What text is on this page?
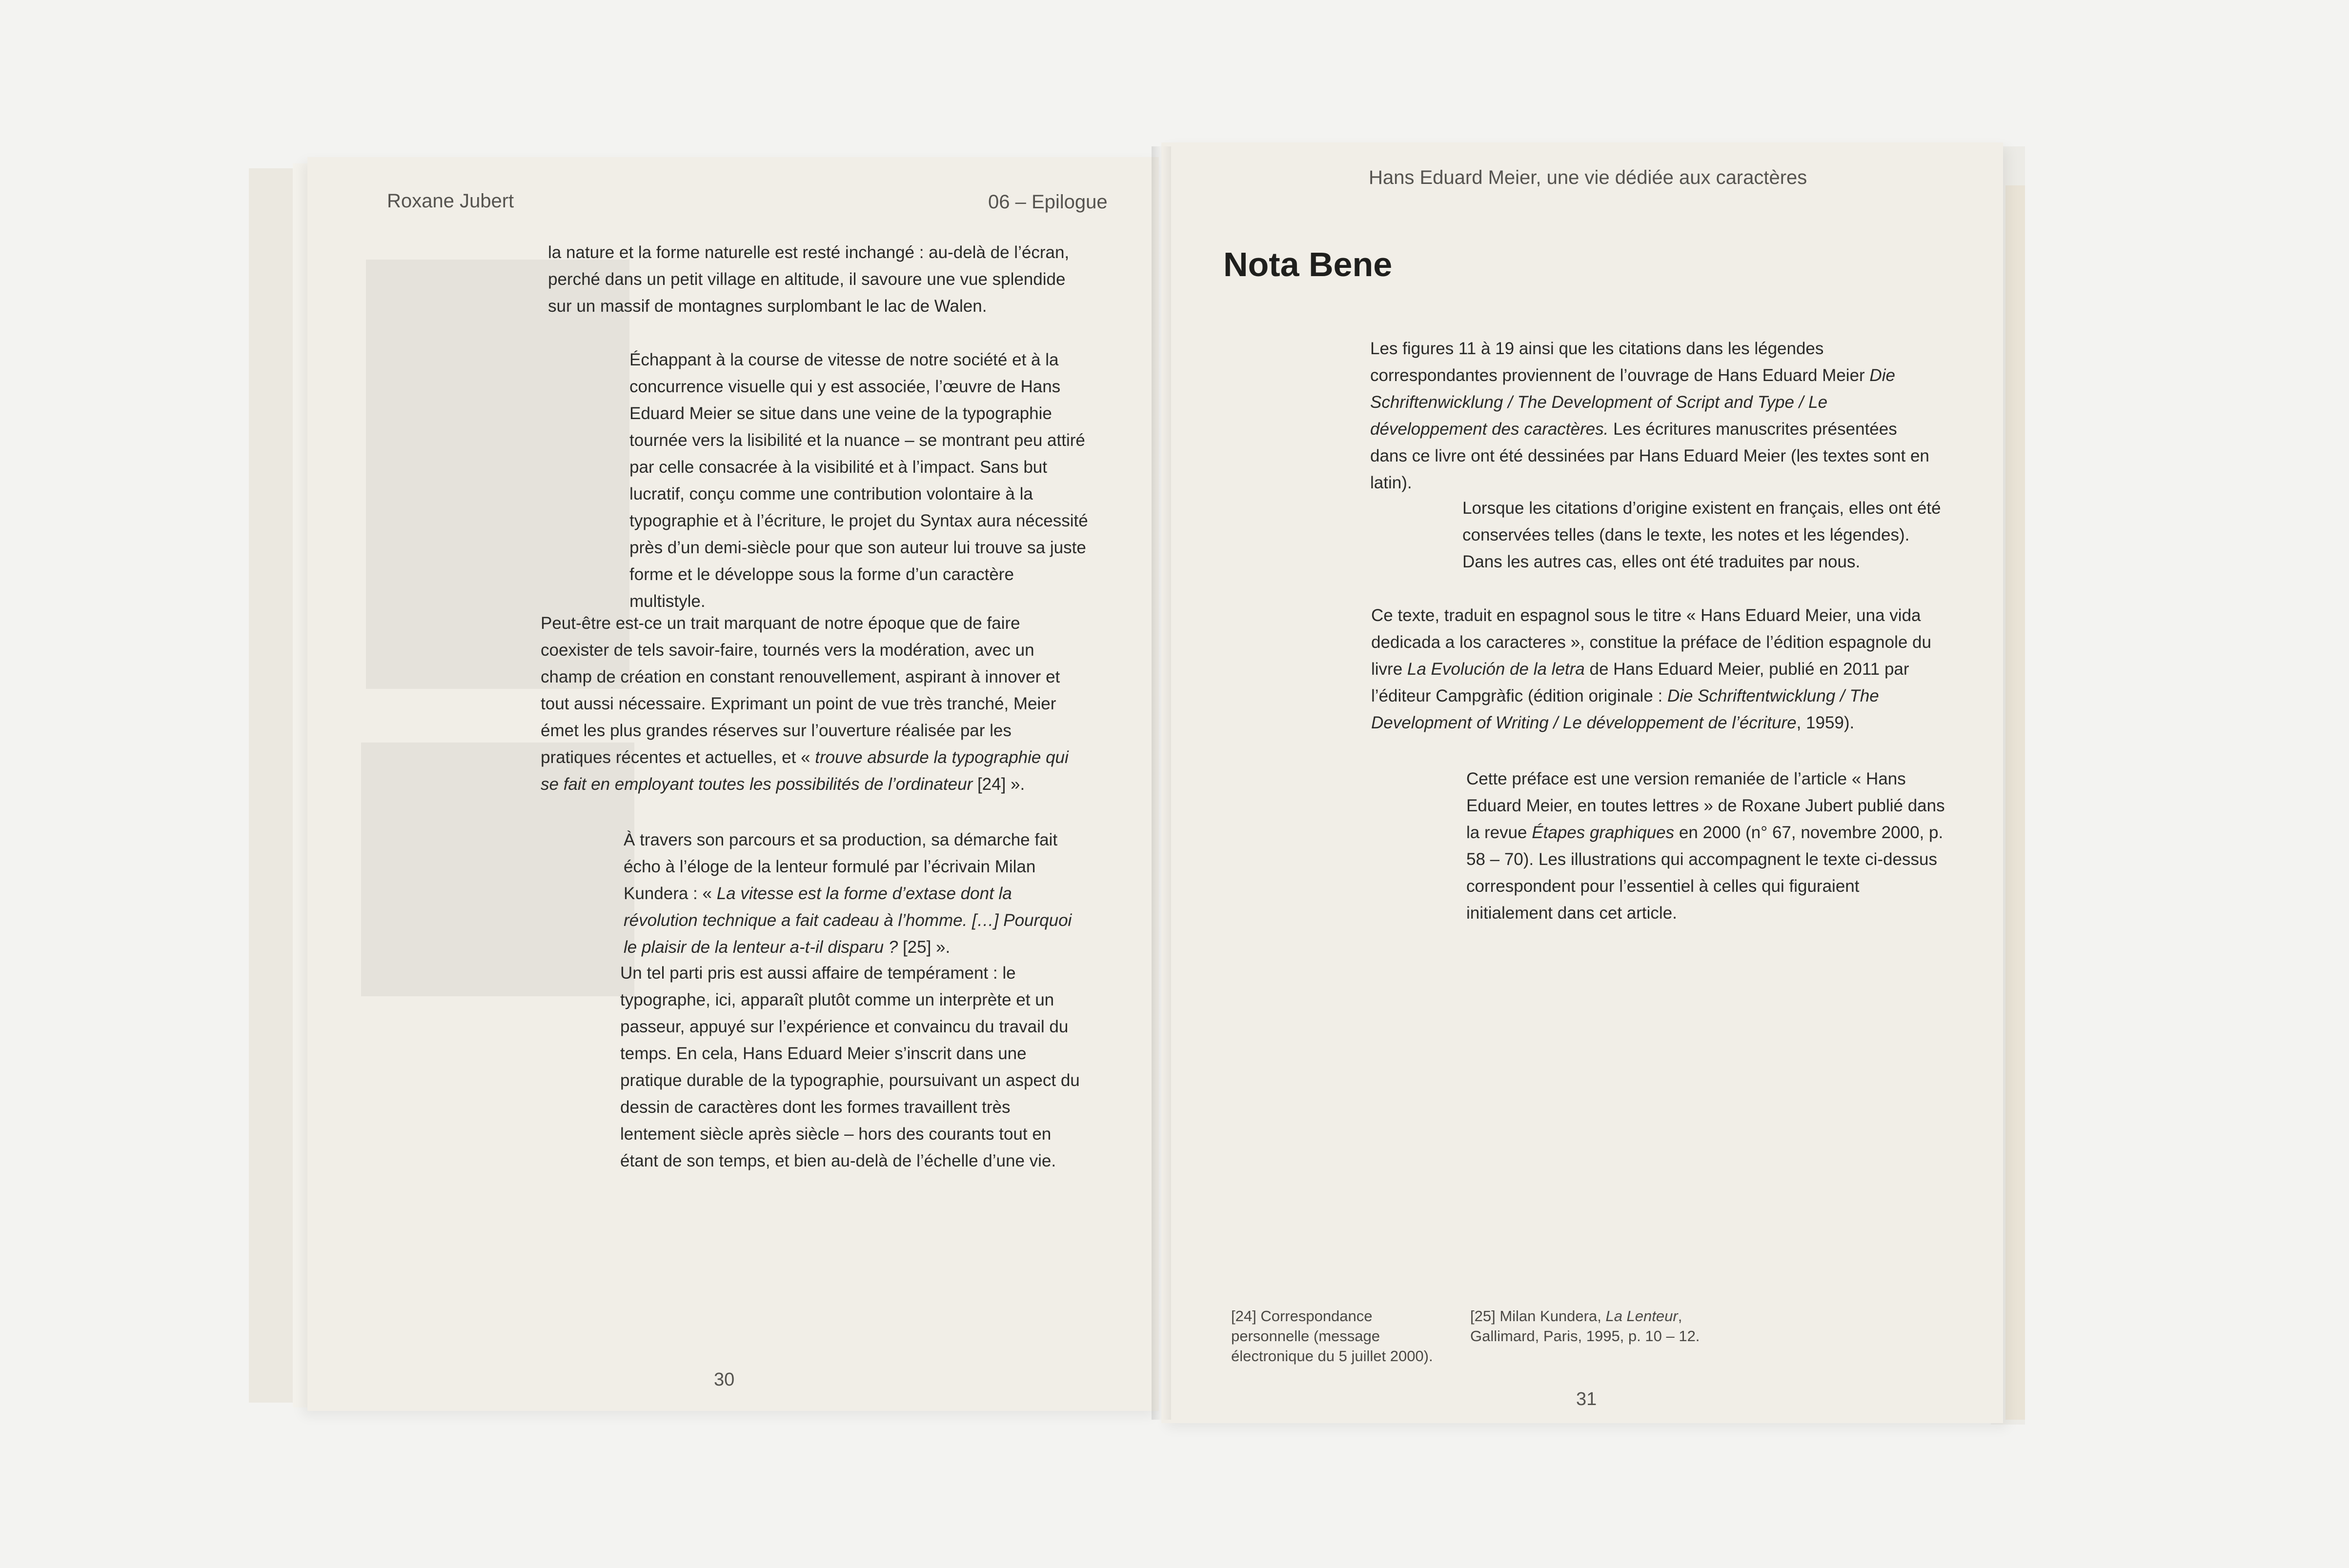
Roxane Jubert	06 – Epilogue
la nature et la forme naturelle est resté inchangé : au-delà de l’écran, perché dans un petit village en altitude, il savoure une vue splendide sur un massif de montagnes surplombant le lac de Walen.
Échappant à la course de vitesse de notre société et à la concurrence visuelle qui y est associée, l’œuvre de Hans Eduard Meier se situe dans une veine de la typographie tournée vers la lisibilité et la nuance – se montrant peu attiré par celle consacrée à la visibilité et à l’impact. Sans but lucratif, conçu comme une contribution volontaire à la typographie et à l’écriture, le projet du Syntax aura nécessité près d’un demi-siècle pour que son auteur lui trouve sa juste forme et le développe sous la forme d’un caractère multistyle.
Peut-être est-ce un trait marquant de notre époque que de faire coexister de tels savoir-faire, tournés vers la modération, avec un champ de création en constant renouvellement, aspirant à innover et tout aussi nécessaire. Exprimant un point de vue très tranché, Meier émet les plus grandes réserves sur l’ouverture réalisée par les pratiques récentes et actuelles, et « trouve absurde la typographie qui se fait en employant toutes les possibilités de l’ordinateur [24] ».
À travers son parcours et sa production, sa démarche fait écho à l’éloge de la lenteur formulé par l’écrivain Milan Kundera : « La vitesse est la forme d’extase dont la révolution technique a fait cadeau à l’homme. […] Pourquoi le plaisir de la lenteur a-t-il disparu ? [25] ».
Un tel parti pris est aussi affaire de tempérament : le typographe, ici, apparaît plutôt comme un interprète et un passeur, appuyé sur l’expérience et convaincu du travail du temps. En cela, Hans Eduard Meier s’inscrit dans une pratique durable de la typographie, poursuivant un aspect du dessin de caractères dont les formes travaillent très lentement siècle après siècle – hors des courants tout en étant de son temps, et bien au-delà de l’échelle d’une vie.
30
Hans Eduard Meier, une vie dédiée aux caractères
Nota Bene
Les figures 11 à 19 ainsi que les citations dans les légendes correspondantes proviennent de l’ouvrage de Hans Eduard Meier Die Schriftenwicklung / The Development of Script and Type / Le développement des caractères. Les écritures manuscrites présentées dans ce livre ont été dessinées par Hans Eduard Meier (les textes sont en latin).
Lorsque les citations d’origine existent en français, elles ont été conservées telles (dans le texte, les notes et les légendes). Dans les autres cas, elles ont été traduites par nous.
Ce texte, traduit en espagnol sous le titre « Hans Eduard Meier, una vida dedicada a los caracteres », constitue la préface de l’édition espagnole du livre La Evolución de la letra de Hans Eduard Meier, publié en 2011 par l’éditeur Campgràfic (édition originale : Die Schriftentwicklung / The Development of Writing / Le développement de l’écriture, 1959).
Cette préface est une version remaniée de l’article « Hans Eduard Meier, en toutes lettres » de Roxane Jubert publié dans la revue Étapes graphiques en 2000 (n° 67, novembre 2000, p. 58 – 70). Les illustrations qui accompagnent le texte ci-dessus correspondent pour l’essentiel à celles qui figuraient initialement dans cet article.
[24] Correspondance personnelle (message électronique du 5 juillet 2000).
[25] Milan Kundera, La Lenteur, Gallimard, Paris, 1995, p. 10 – 12.
31
